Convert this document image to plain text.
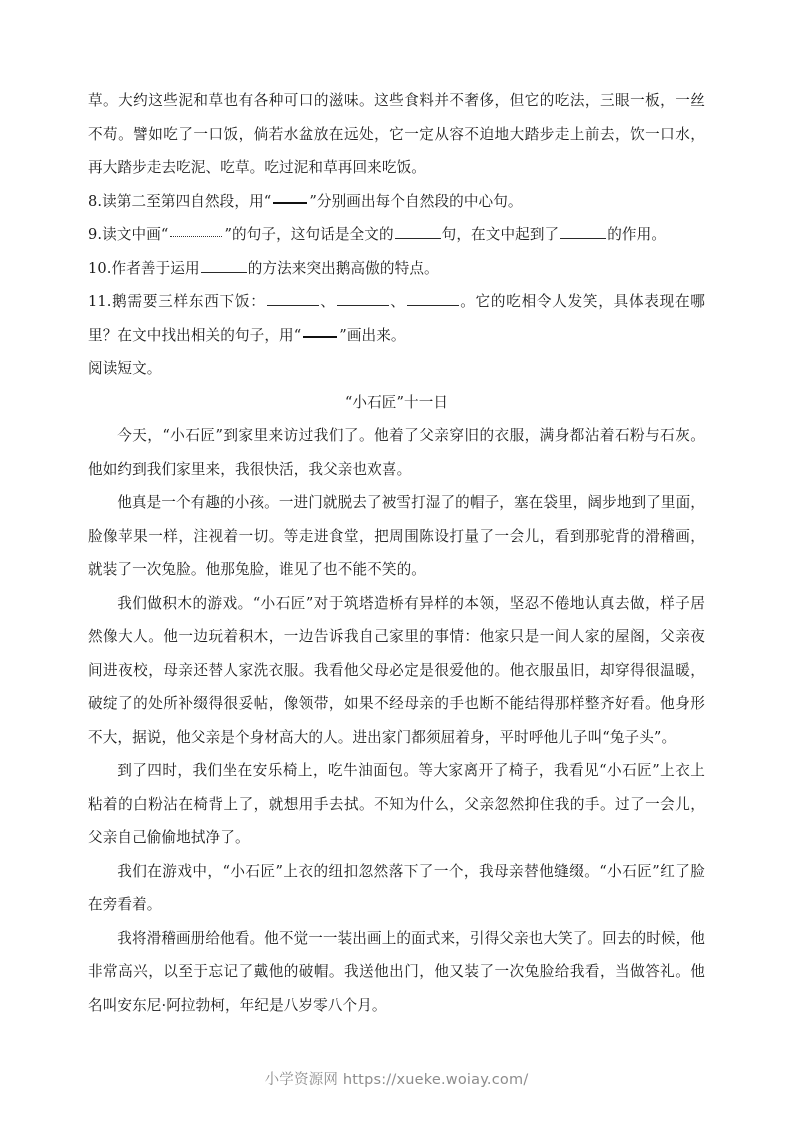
草。大约这些泥和草也有各种可口的滋味。这些食料并不奢侈，但它的吃法，三眼一板，一丝不苟。譬如吃了一口饭，倘若水盆放在远处，它一定从容不迫地大踏步走上前去，饮一口水，再大踏步走去吃泥、吃草。吃过泥和草再回来吃饭。

8.读第二至第四自然段，用“	”分别画出每个自然段的中心句。

9.读文中画“	”的句子，这句话是全文的	句，在文中起到了	的作用。

10.作者善于运用	的方法来突出鹅高傲的特点。

11.鹅需要三样东西下饭：	、	、	。它的吃相令人发笑，具体表现在哪里？在文中找出相关的句子，用“	”画出来。

阅读短文。

“小石匠”十一日

今天，“小石匠”到家里来访过我们了。他着了父亲穿旧的衣服，满身都沾着石粉与石灰。他如约到我们家里来，我很快活，我父亲也欢喜。

他真是一个有趣的小孩。一进门就脱去了被雪打湿了的帽子，塞在袋里，阔步地到了里面，脸像苹果一样，注视着一切。等走进食堂，把周围陈设打量了一会儿，看到那驼背的滑稽画，就装了一次兔脸。他那兔脸，谁见了也不能不笑的。

我们做积木的游戏。“小石匠”对于筑塔造桥有异样的本领，坚忍不倦地认真去做，样子居然像大人。他一边玩着积木，一边告诉我自己家里的事情：他家只是一间人家的屋阁，父亲夜间进夜校，母亲还替人家洗衣服。我看他父母必定是很爱他的。他衣服虽旧，却穿得很温暖，破绽了的处所补缀得很妥帖，像领带，如果不经母亲的手也断不能结得那样整齐好看。他身形不大，据说，他父亲是个身材高大的人。进出家门都须屈着身，平时呼他儿子叫“兔子头”。

到了四时，我们坐在安乐椅上，吃牛油面包。等大家离开了椅子，我看见“小石匠”上衣上粘着的白粉沾在椅背上了，就想用手去拭。不知为什么，父亲忽然抑住我的手。过了一会儿，父亲自己偷偷地拭净了。

我们在游戏中，“小石匠”上衣的纽扣忽然落下了一个，我母亲替他缝缀。“小石匠”红了脸在旁看着。

我将滑稽画册给他看。他不觉一一装出画上的面式来，引得父亲也大笑了。回去的时候，他非常高兴，以至于忘记了戴他的破帽。我送他出门，他又装了一次兔脸给我看，当做答礼。他名叫安东尼·阿拉勃柯，年纪是八岁零八个月。

小学资源网 https://xueke.woiay.com/
